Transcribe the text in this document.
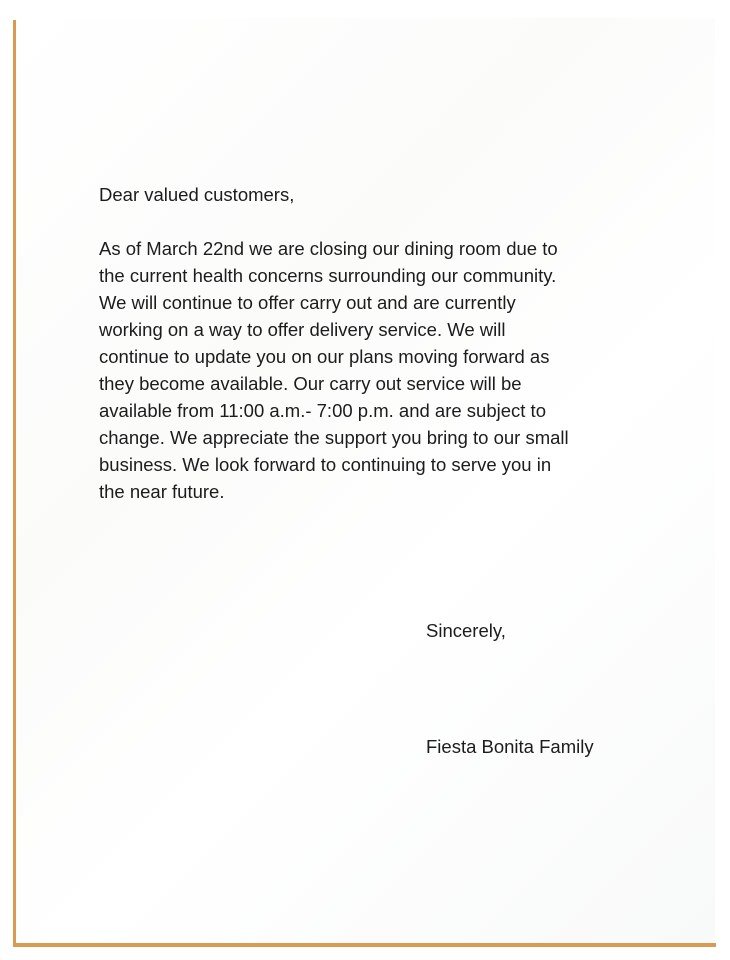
Dear valued customers,
As of March 22nd we are closing our dining room due to
the current health concerns surrounding our community.
We will continue to offer carry out and are currently
working on a way to offer delivery service. We will
continue to update you on our plans moving forward as
they become available. Our carry out service will be
available from 11:00 a.m.- 7:00 p.m. and are subject to
change. We appreciate the support you bring to our small
business. We look forward to continuing to serve you in
the near future.
Sincerely,
Fiesta Bonita Family
